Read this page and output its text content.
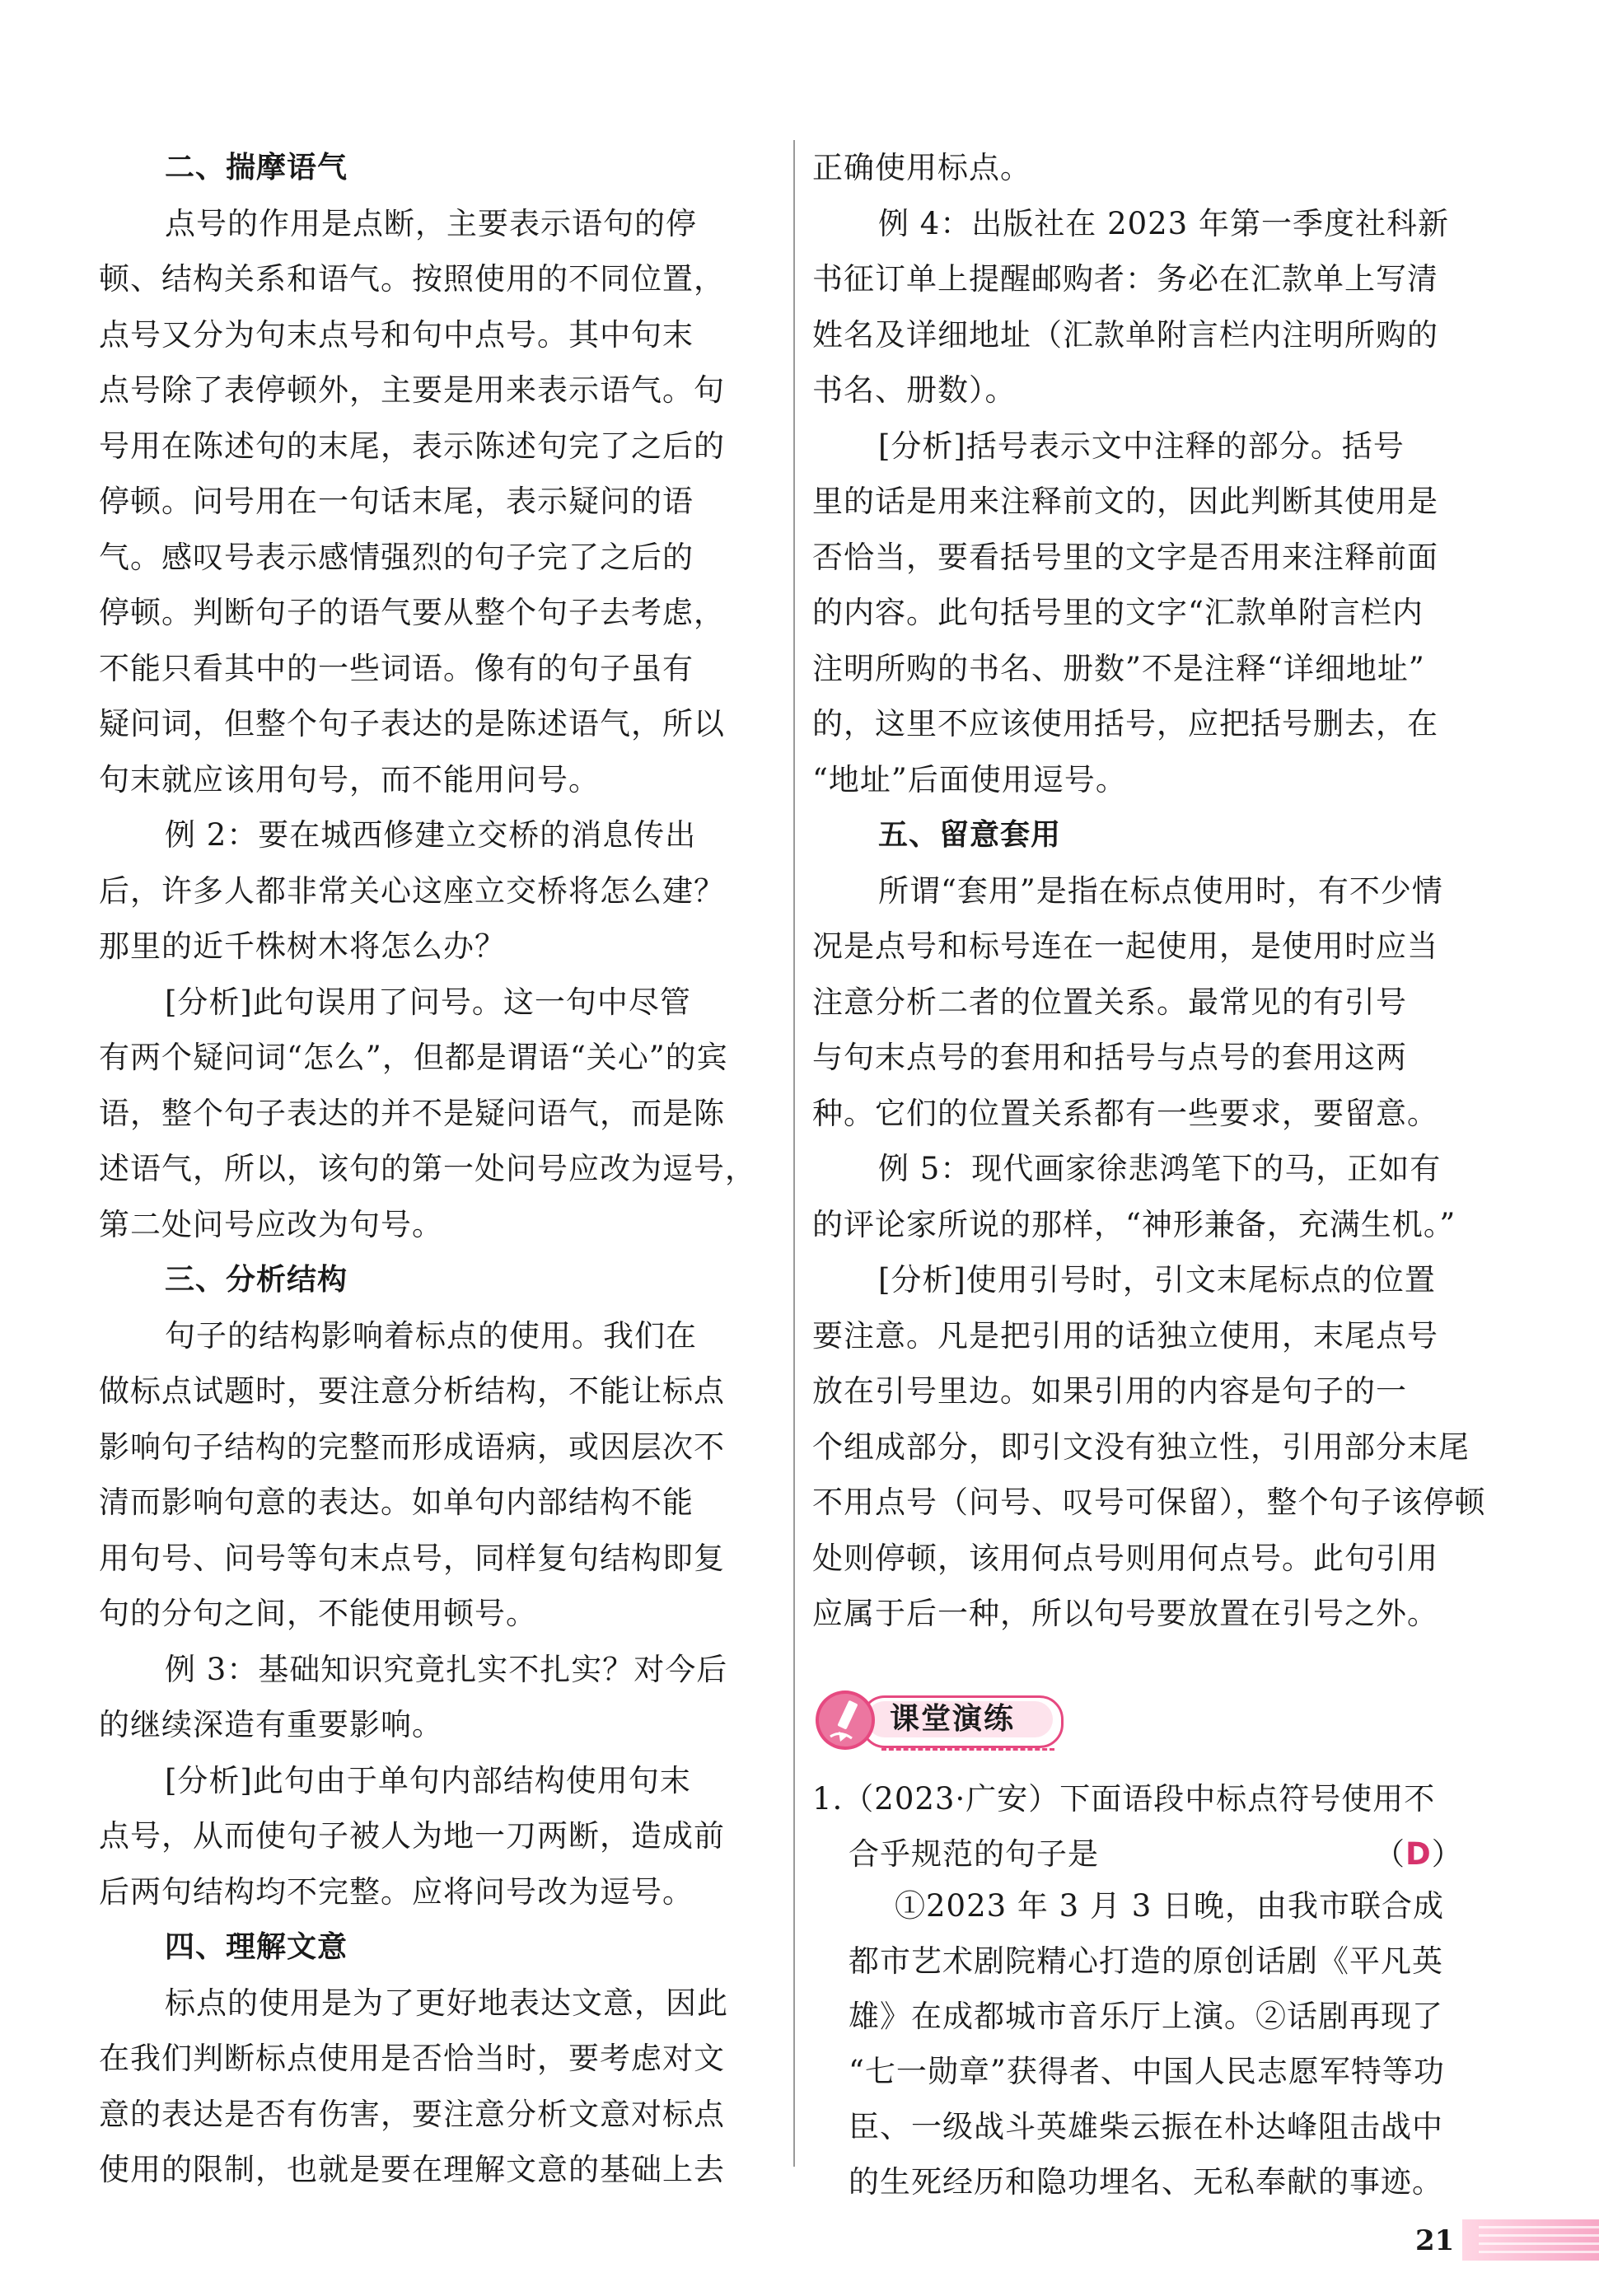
二、揣摩语气
点号的作用是点断，主要表示语句的停
顿、结构关系和语气。按照使用的不同位置，
点号又分为句末点号和句中点号。其中句末
点号除了表停顿外，主要是用来表示语气。句
号用在陈述句的末尾，表示陈述句完了之后的
停顿。问号用在一句话末尾，表示疑问的语
气。感叹号表示感情强烈的句子完了之后的
停顿。判断句子的语气要从整个句子去考虑，
不能只看其中的一些词语。像有的句子虽有
疑问词，但整个句子表达的是陈述语气，所以
句末就应该用句号，而不能用问号。
例 2：要在城西修建立交桥的消息传出
后，许多人都非常关心这座立交桥将怎么建？
那里的近千株树木将怎么办？
[分析]此句误用了问号。这一句中尽管
有两个疑问词“怎么”，但都是谓语“关心”的宾
语，整个句子表达的并不是疑问语气，而是陈
述语气，所以，该句的第一处问号应改为逗号，
第二处问号应改为句号。
三、分析结构
句子的结构影响着标点的使用。我们在
做标点试题时，要注意分析结构，不能让标点
影响句子结构的完整而形成语病，或因层次不
清而影响句意的表达。如单句内部结构不能
用句号、问号等句末点号，同样复句结构即复
句的分句之间，不能使用顿号。
例 3：基础知识究竟扎实不扎实？对今后
的继续深造有重要影响。
[分析]此句由于单句内部结构使用句末
点号，从而使句子被人为地一刀两断，造成前
后两句结构均不完整。应将问号改为逗号。
四、理解文意
标点的使用是为了更好地表达文意，因此
在我们判断标点使用是否恰当时，要考虑对文
意的表达是否有伤害，要注意分析文意对标点
使用的限制，也就是要在理解文意的基础上去
正确使用标点。
例 4：出版社在 2023 年第一季度社科新
书征订单上提醒邮购者：务必在汇款单上写清
姓名及详细地址（汇款单附言栏内注明所购的
书名、册数）。
[分析]括号表示文中注释的部分。括号
里的话是用来注释前文的，因此判断其使用是
否恰当，要看括号里的文字是否用来注释前面
的内容。此句括号里的文字“汇款单附言栏内
注明所购的书名、册数”不是注释“详细地址”
的，这里不应该使用括号，应把括号删去，在
“地址”后面使用逗号。
五、留意套用
所谓“套用”是指在标点使用时，有不少情
况是点号和标号连在一起使用，是使用时应当
注意分析二者的位置关系。最常见的有引号
与句末点号的套用和括号与点号的套用这两
种。它们的位置关系都有一些要求，要留意。
例 5：现代画家徐悲鸿笔下的马，正如有
的评论家所说的那样，“神形兼备，充满生机。”
[分析]使用引号时，引文末尾标点的位置
要注意。凡是把引用的话独立使用，末尾点号
放在引号里边。如果引用的内容是句子的一
个组成部分，即引文没有独立性，引用部分末尾
不用点号（问号、叹号可保留），整个句子该停顿
处则停顿，该用何点号则用何点号。此句引用
应属于后一种，所以句号要放置在引号之外。
课堂演练
1.（2023·广安）下面语段中标点符号使用不
合乎规范的句子是	（D）
①2023 年 3 月 3 日晚，由我市联合成
都市艺术剧院精心打造的原创话剧《平凡英
雄》在成都城市音乐厅上演。②话剧再现了
“七一勋章”获得者、中国人民志愿军特等功
臣、一级战斗英雄柴云振在朴达峰阻击战中
的生死经历和隐功埋名、无私奉献的事迹。
21
